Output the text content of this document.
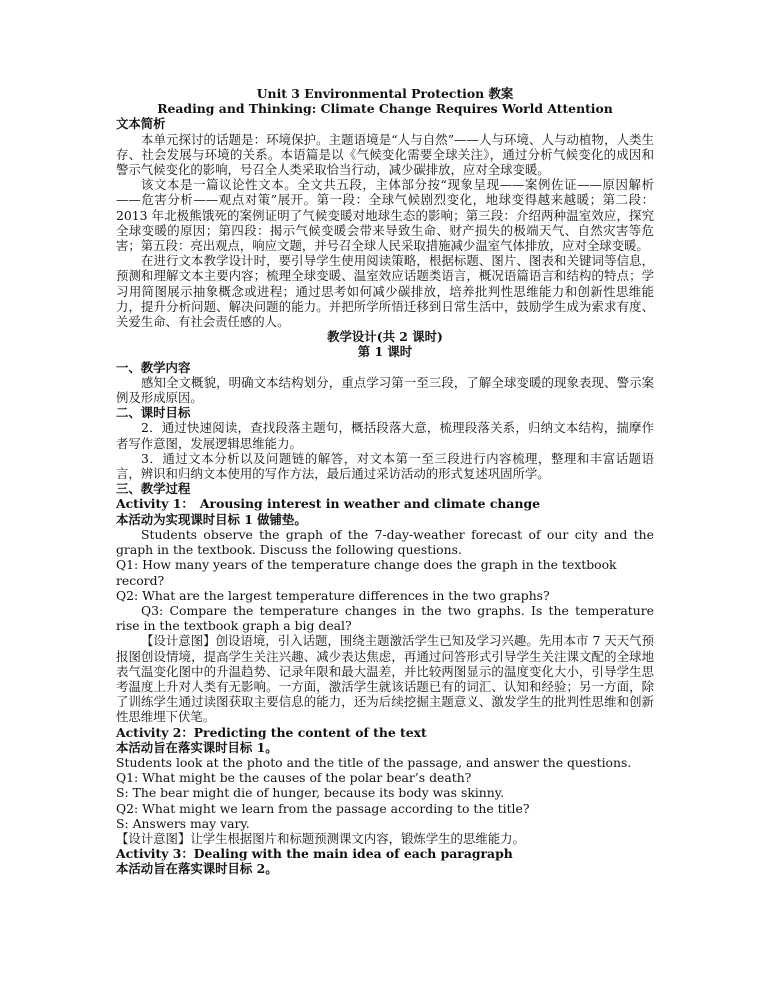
Unit 3 Environmental Protection 教案
Reading and Thinking: Climate Change Requires World Attention
文本简析
本单元探讨的话题是：环境保护。主题语境是“人与自然”——人与环境、人与动植物，人类生存、社会发展与环境的关系。本语篇是以《气候变化需要全球关注》，通过分析气候变化的成因和警示气候变化的影响，号召全人类采取恰当行动，减少碳排放，应对全球变暖。
该文本是一篇议论性文本。全文共五段，主体部分按“现象呈现——案例佐证——原因解析——危害分析——观点对策”展开。第一段：全球气候剧烈变化，地球变得越来越暖；第二段：2013 年北极熊饿死的案例证明了气候变暖对地球生态的影响；第三段：介绍两种温室效应，探究全球变暖的原因；第四段：揭示气候变暖会带来导致生命、财产损失的极端天气、自然灾害等危害；第五段：亮出观点，响应文题，并号召全球人民采取措施减少温室气体排放，应对全球变暖。
在进行文本教学设计时，要引导学生使用阅读策略，根据标题、图片、图表和关键词等信息，预测和理解文本主要内容；梳理全球变暖、温室效应话题类语言，概况语篇语言和结构的特点；学习用简图展示抽象概念或进程；通过思考如何减少碳排放，培养批判性思维能力和创新性思维能力，提升分析问题、解决问题的能力。并把所学所悟迁移到日常生活中，鼓励学生成为索求有度、关爱生命、有社会责任感的人。
教学设计(共 2 课时)
第 1 课时
一、教学内容
感知全文概貌，明确文本结构划分，重点学习第一至三段，了解全球变暖的现象表现、警示案例及形成原因。
二、课时目标
2．通过快速阅读，查找段落主题句，概括段落大意，梳理段落关系，归纳文本结构，揣摩作者写作意图，发展逻辑思维能力。
3．通过文本分析以及问题链的解答，对文本第一至三段进行内容梳理，整理和丰富话题语言，辨识和归纳文本使用的写作方法，最后通过采访活动的形式复述巩固所学。
三、教学过程
Activity 1：　Arousing interest in weather and climate change
本活动为实现课时目标 1 做铺垫。
Students observe the graph of the 7-day-weather forecast of our city and the graph in the textbook. Discuss the following questions.
Q1: How many years of the temperature change does the graph in the textbook record?
Q2: What are the largest temperature differences in the two graphs?
Q3: Compare the temperature changes in the two graphs. Is the temperature rise in the textbook graph a big deal?
【设计意图】创设语境，引入话题，围绕主题激活学生已知及学习兴趣。先用本市 7 天天气预报图创设情境，提高学生关注兴趣、减少表达焦虑，再通过问答形式引导学生关注课文配的全球地表气温变化图中的升温趋势、记录年限和最大温差，并比较两图显示的温度变化大小，引导学生思考温度上升对人类有无影响。一方面，激活学生就该话题已有的词汇、认知和经验；另一方面，除了训练学生通过读图获取主要信息的能力，还为后续挖掘主题意义、激发学生的批判性思维和创新性思维埋下伏笔。
Activity 2：Predicting the content of the text
本活动旨在落实课时目标 1。
Students look at the photo and the title of the passage, and answer the questions.
Q1: What might be the causes of the polar bear’s death?
S: The bear might die of hunger, because its body was skinny.
Q2: What might we learn from the passage according to the title?
S: Answers may vary.
【设计意图】让学生根据图片和标题预测课文内容，锻炼学生的思维能力。
Activity 3：Dealing with the main idea of each paragraph
本活动旨在落实课时目标 2。
